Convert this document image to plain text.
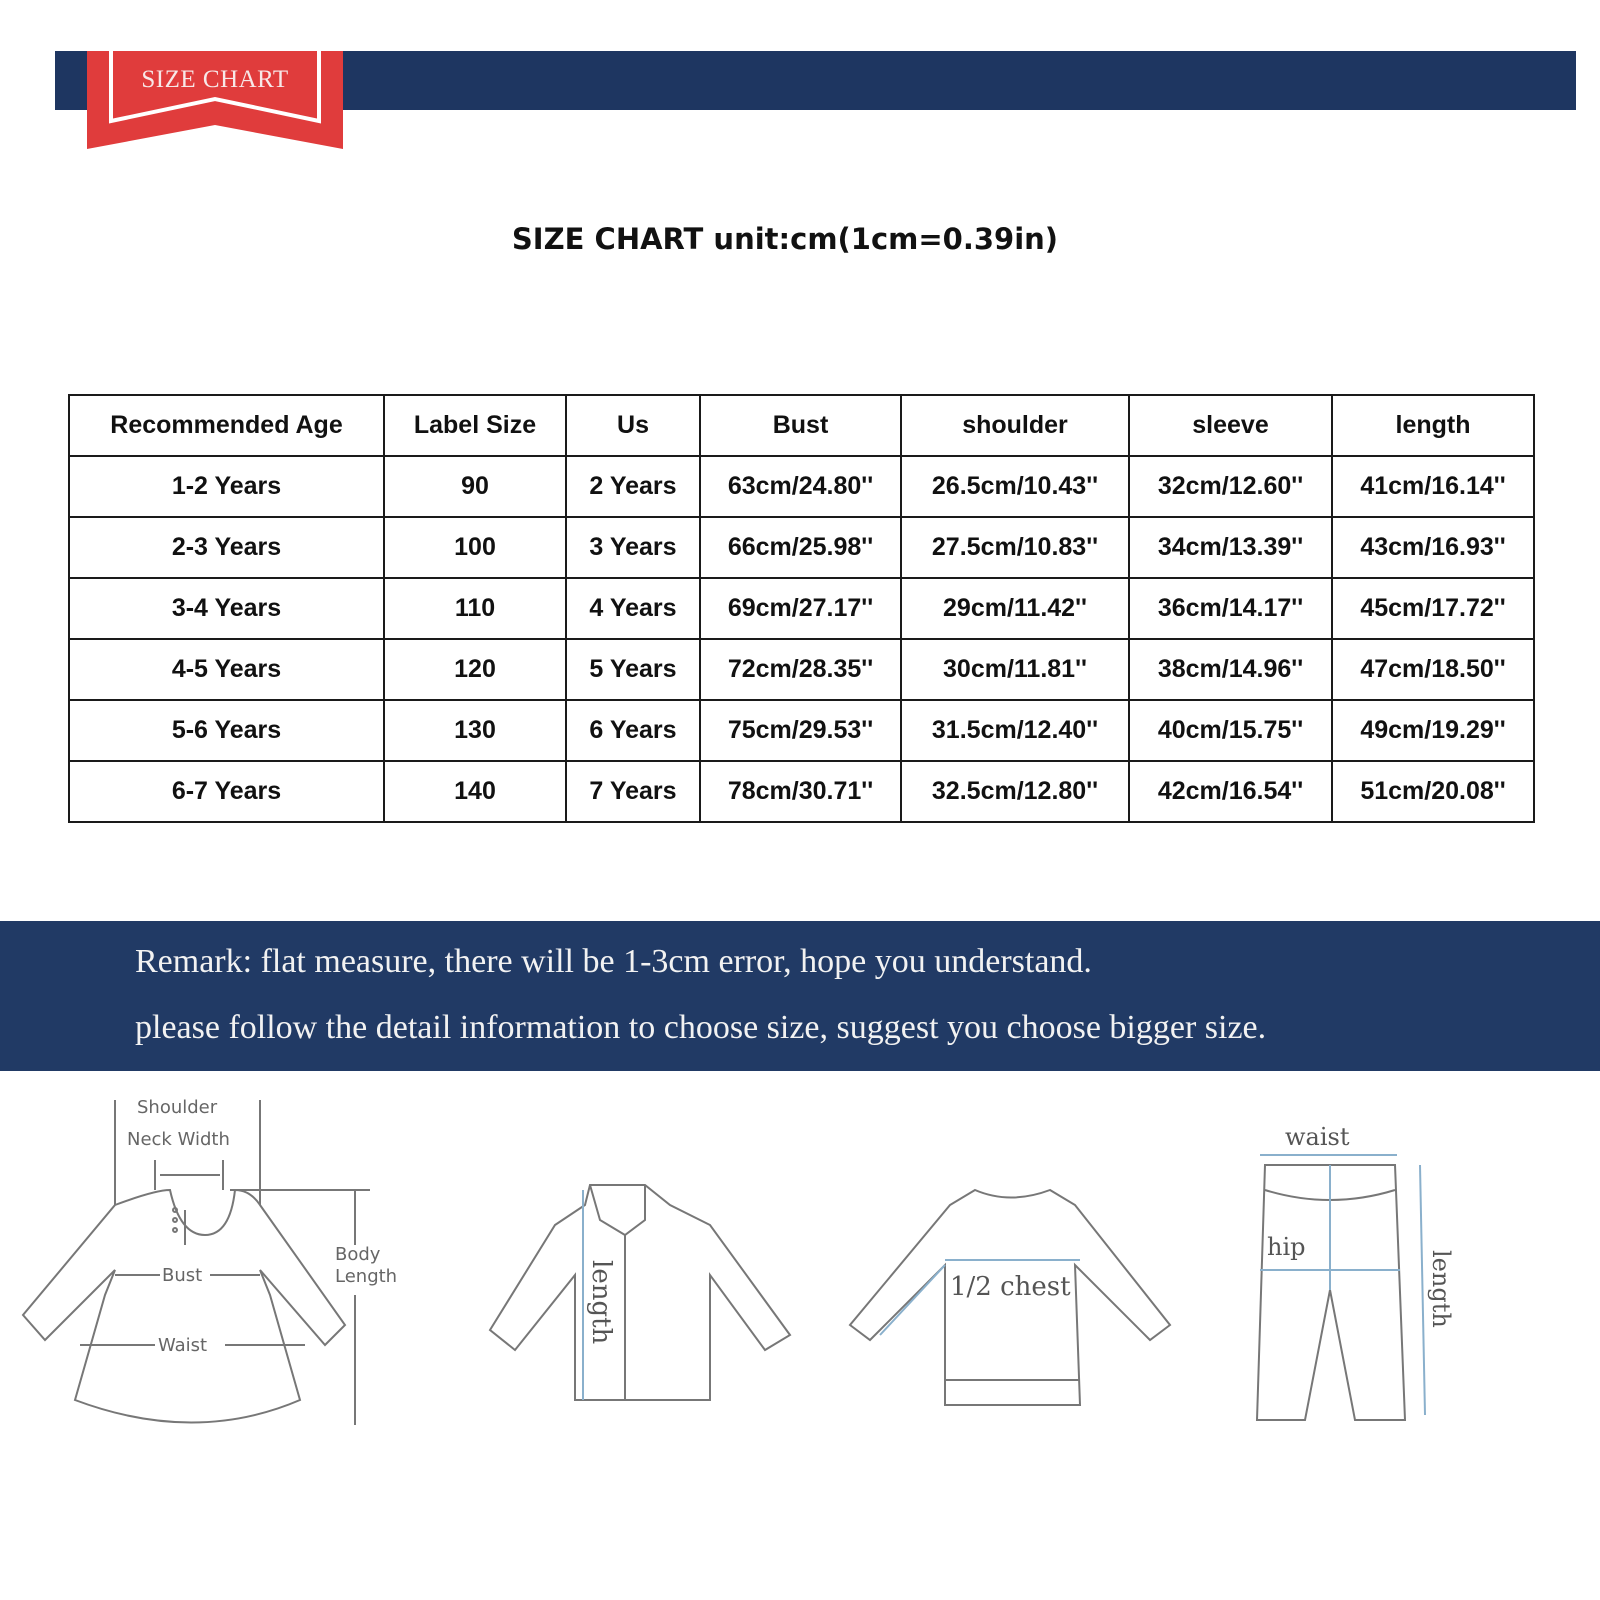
SIZE CHART
SIZE CHART unit:cm(1cm=0.39in)
Recommended Age	Label Size	Us	Bust	shoulder	sleeve	length
1-2 Years	90	2 Years	63cm/24.80''	26.5cm/10.43''	32cm/12.60''	41cm/16.14''
2-3 Years	100	3 Years	66cm/25.98''	27.5cm/10.83''	34cm/13.39''	43cm/16.93''
3-4 Years	110	4 Years	69cm/27.17''	29cm/11.42''	36cm/14.17''	45cm/17.72''
4-5 Years	120	5 Years	72cm/28.35''	30cm/11.81''	38cm/14.96''	47cm/18.50''
5-6 Years	130	6 Years	75cm/29.53''	31.5cm/12.40''	40cm/15.75''	49cm/19.29''
6-7 Years	140	7 Years	78cm/30.71''	32.5cm/12.80''	42cm/16.54''	51cm/20.08''
Remark: flat measure, there will be 1-3cm error, hope you understand.
please follow the detail information to choose size, suggest you choose bigger size.
Shoulder
Neck Width
Bust
Waist
Body
Length	length	1/2 chest
waist
hip
length
